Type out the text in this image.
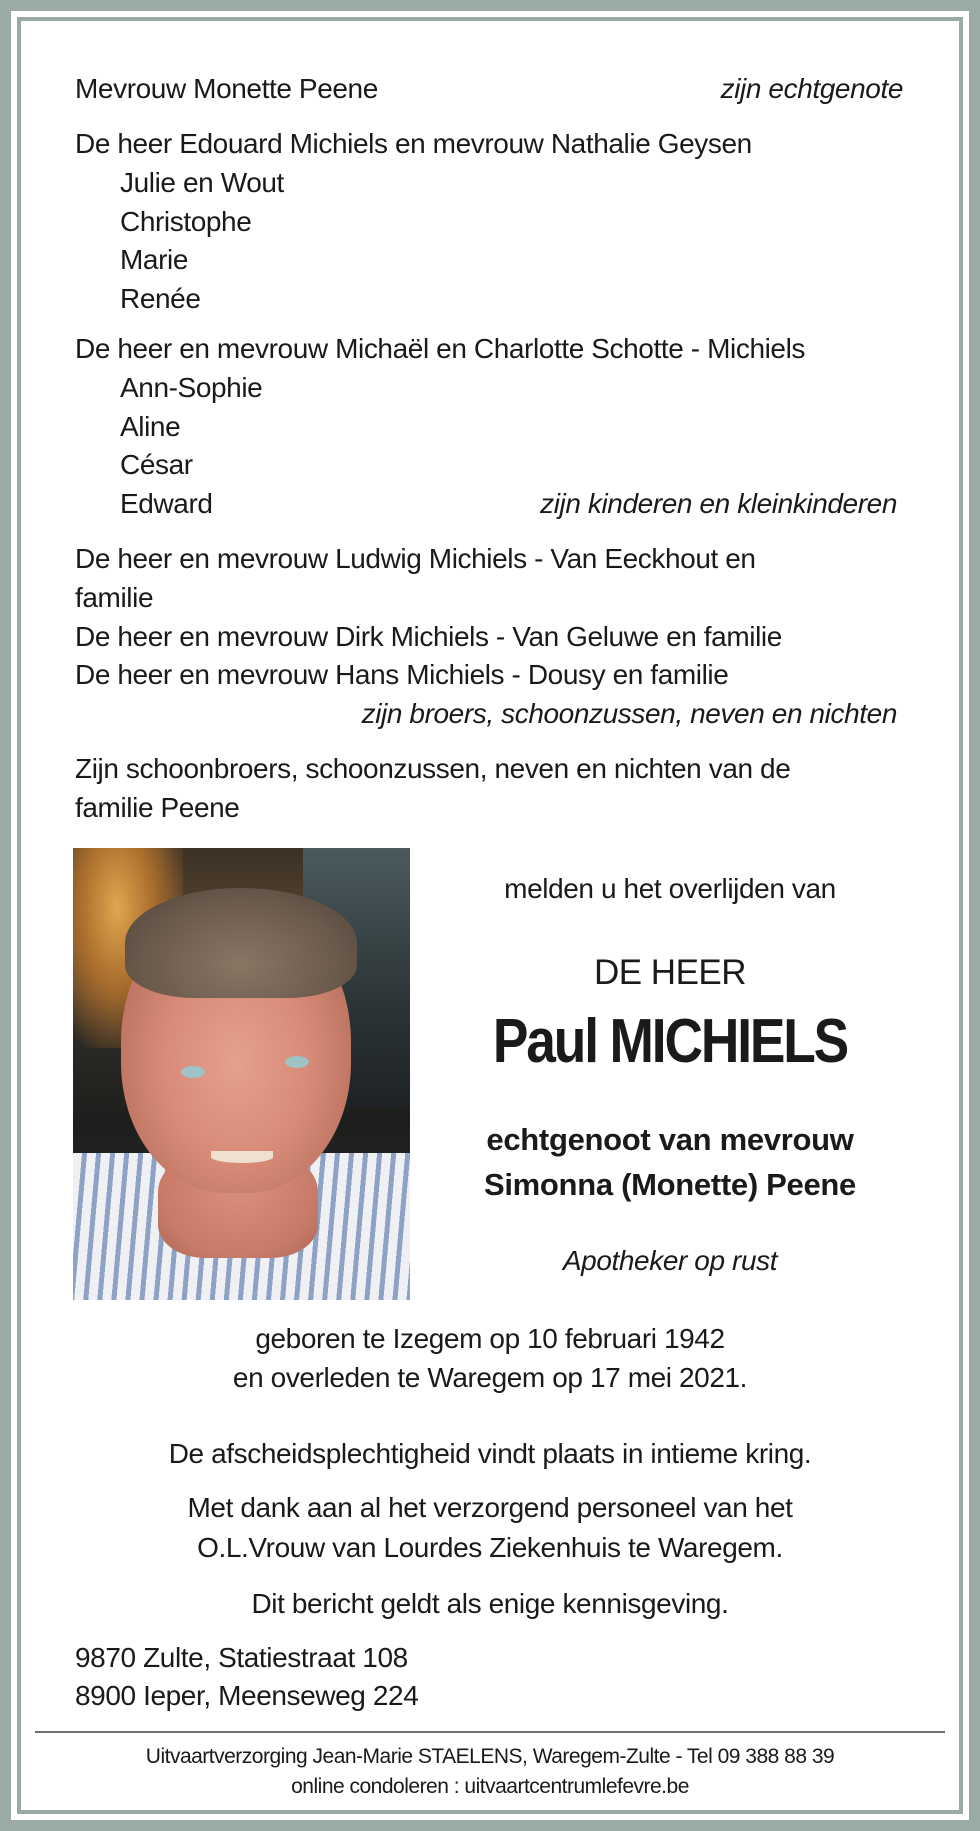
Mevrouw Monette Peene	zijn echtgenote
De heer Edouard Michiels en mevrouw Nathalie Geysen
Julie en Wout
Christophe
Marie
Renée
De heer en mevrouw Michaël en Charlotte Schotte - Michiels
Ann-Sophie
Aline
César
Edward	zijn kinderen en kleinkinderen
De heer en mevrouw Ludwig Michiels - Van Eeckhout en
familie
De heer en mevrouw Dirk Michiels - Van Geluwe en familie
De heer en mevrouw Hans Michiels - Dousy en familie
zijn broers, schoonzussen, neven en nichten
Zijn schoonbroers, schoonzussen, neven en nichten van de
familie Peene
melden u het overlijden van
DE HEER
Paul MICHIELS
echtgenoot van mevrouw
Simonna (Monette) Peene
Apotheker op rust
geboren te Izegem op 10 februari 1942
en overleden te Waregem op 17 mei 2021.
De afscheidsplechtigheid vindt plaats in intieme kring.
Met dank aan al het verzorgend personeel van het
O.L.Vrouw van Lourdes Ziekenhuis te Waregem.
Dit bericht geldt als enige kennisgeving.
9870 Zulte, Statiestraat 108
8900 Ieper, Meenseweg 224
Uitvaartverzorging Jean-Marie STAELENS, Waregem-Zulte - Tel 09 388 88 39
online condoleren : uitvaartcentrumlefevre.be
